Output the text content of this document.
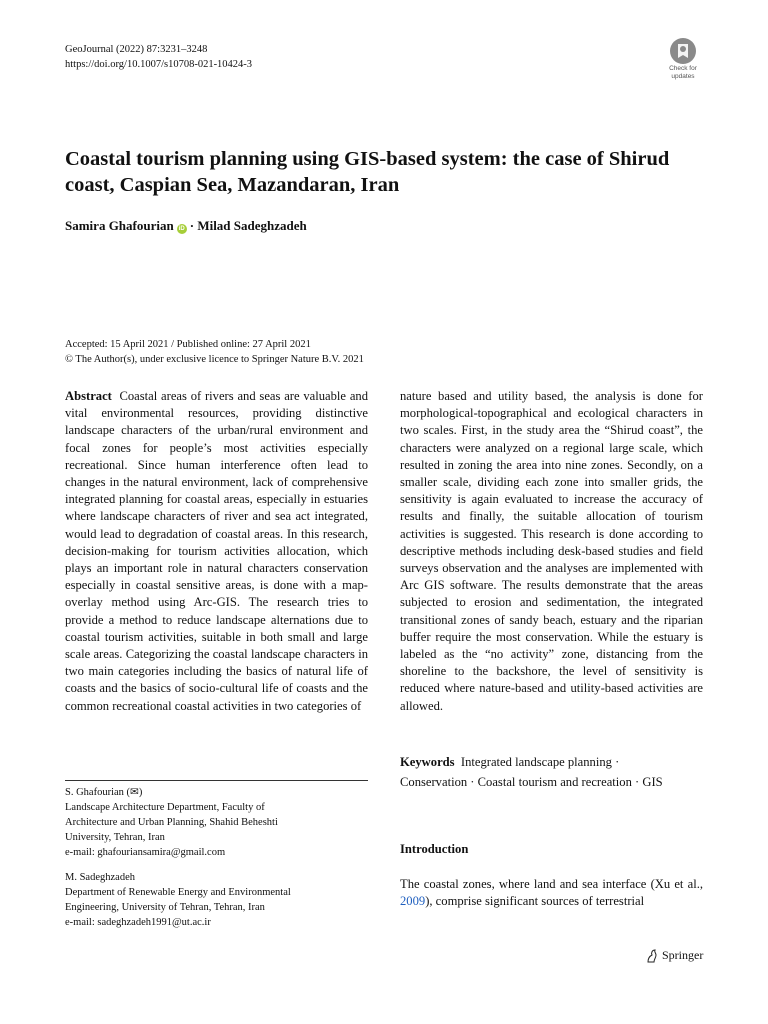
GeoJournal (2022) 87:3231–3248
https://doi.org/10.1007/s10708-021-10424-3	Check for
updates
Coastal tourism planning using GIS-based system: the case of Shirud coast, Caspian Sea, Mazandaran, Iran
Samira Ghafourian iD · Milad Sadeghzadeh
Accepted: 15 April 2021 / Published online: 27 April 2021
© The Author(s), under exclusive licence to Springer Nature B.V. 2021

Abstract Coastal areas of rivers and seas are valuable and vital environmental resources, providing distinctive landscape characters of the urban/rural environment and focal zones for people’s most activities especially recreational. Since human interference often lead to changes in the natural environment, lack of comprehensive integrated planning for coastal areas, especially in estuaries where landscape characters of river and sea act integrated, would lead to degradation of coastal areas. In this research, decision-making for tourism activities allocation, which plays an important role in natural characters conservation especially in coastal sensitive areas, is done with a map-overlay method using Arc-GIS. The research tries to provide a method to reduce landscape alternations due to coastal tourism activities, suitable in both small and large scale areas. Categorizing the coastal landscape characters in two main categories including the basics of natural life of coasts and the basics of socio-cultural life of coasts and the common recreational coastal activities in two categories of

nature based and utility based, the analysis is done for morphological-topographical and ecological characters in two scales. First, in the study area the “Shirud coast”, the characters were analyzed on a regional large scale, which resulted in zoning the area into nine zones. Secondly, on a smaller scale, dividing each zone into smaller grids, the sensitivity is again evaluated to increase the accuracy of results and finally, the suitable allocation of tourism activities is suggested. This research is done according to descriptive methods including desk-based studies and field surveys observation and the analyses are implemented with Arc GIS software. The results demonstrate that the areas subjected to erosion and sedimentation, the integrated transitional zones of sandy beach, estuary and the riparian buffer require the most conservation. While the estuary is labeled as the “no activity” zone, distancing from the shoreline to the backshore, the level of sensitivity is reduced where nature-based and utility-based activities are allowed.

Keywords Integrated landscape planning ·
Conservation · Coastal tourism and recreation · GIS
S. Ghafourian (✉)
Landscape Architecture Department, Faculty of
Architecture and Urban Planning, Shahid Beheshti
University, Tehran, Iran
e-mail: ghafouriansamira@gmail.com
M. Sadeghzadeh
Department of Renewable Energy and Environmental
Engineering, University of Tehran, Tehran, Iran
e-mail: sadeghzadeh1991@ut.ac.ir
Introduction
The coastal zones, where land and sea interface (Xu et al., 2009), comprise significant sources of terrestrial
Springer
